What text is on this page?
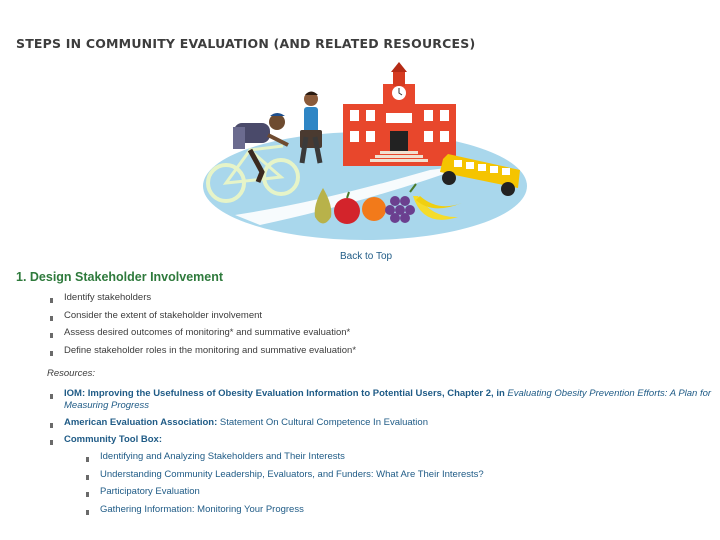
STEPS IN COMMUNITY EVALUATION (AND RELATED RESOURCES)
Back to Top
1. Design Stakeholder Involvement
Identify stakeholders
Consider the extent of stakeholder involvement
Assess desired outcomes of monitoring* and summative evaluation*
Define stakeholder roles in the monitoring and summative evaluation*
Resources:
IOM: Improving the Usefulness of Obesity Evaluation Information to Potential Users, Chapter 2, in Evaluating Obesity Prevention Efforts: A Plan for Measuring Progress
American Evaluation Association: Statement On Cultural Competence In Evaluation
Community Tool Box:
Identifying and Analyzing Stakeholders and Their Interests
Understanding Community Leadership, Evaluators, and Funders: What Are Their Interests?
Participatory Evaluation
Gathering Information: Monitoring Your Progress
